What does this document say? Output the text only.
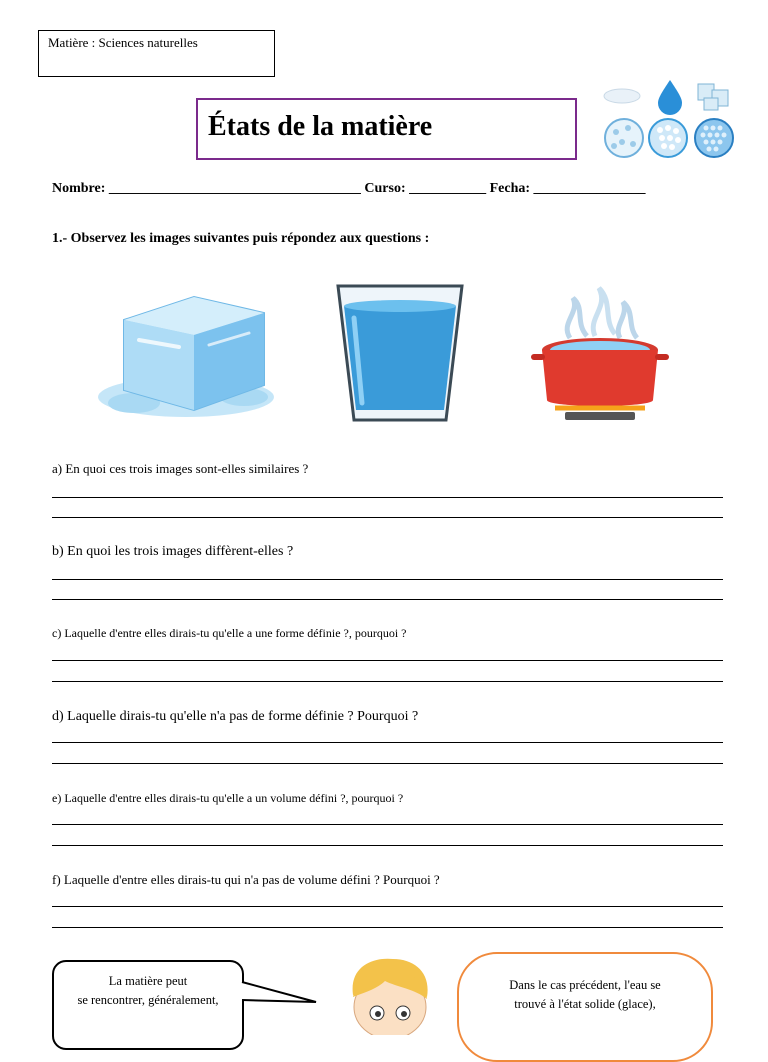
Matière : Sciences naturelles
États de la matière
Nombre: ____________________________________ Curso: ___________ Fecha: ________________
1.- Observez les images suivantes puis répondez aux questions :
a) En quoi ces trois images sont-elles similaires ?
b) En quoi les trois images diffèrent-elles ?
c) Laquelle d'entre elles dirais-tu qu'elle a une forme définie ?, pourquoi ?
d) Laquelle dirais-tu qu'elle n'a pas de forme définie ? Pourquoi ?
e) Laquelle d'entre elles dirais-tu qu'elle a un volume défini ?, pourquoi ?
f) Laquelle d'entre elles dirais-tu qui n'a pas de volume défini ? Pourquoi ?
La matière peut
se rencontrer, généralement,
Dans le cas précédent, l'eau se
trouvé à l'état solide (glace),
